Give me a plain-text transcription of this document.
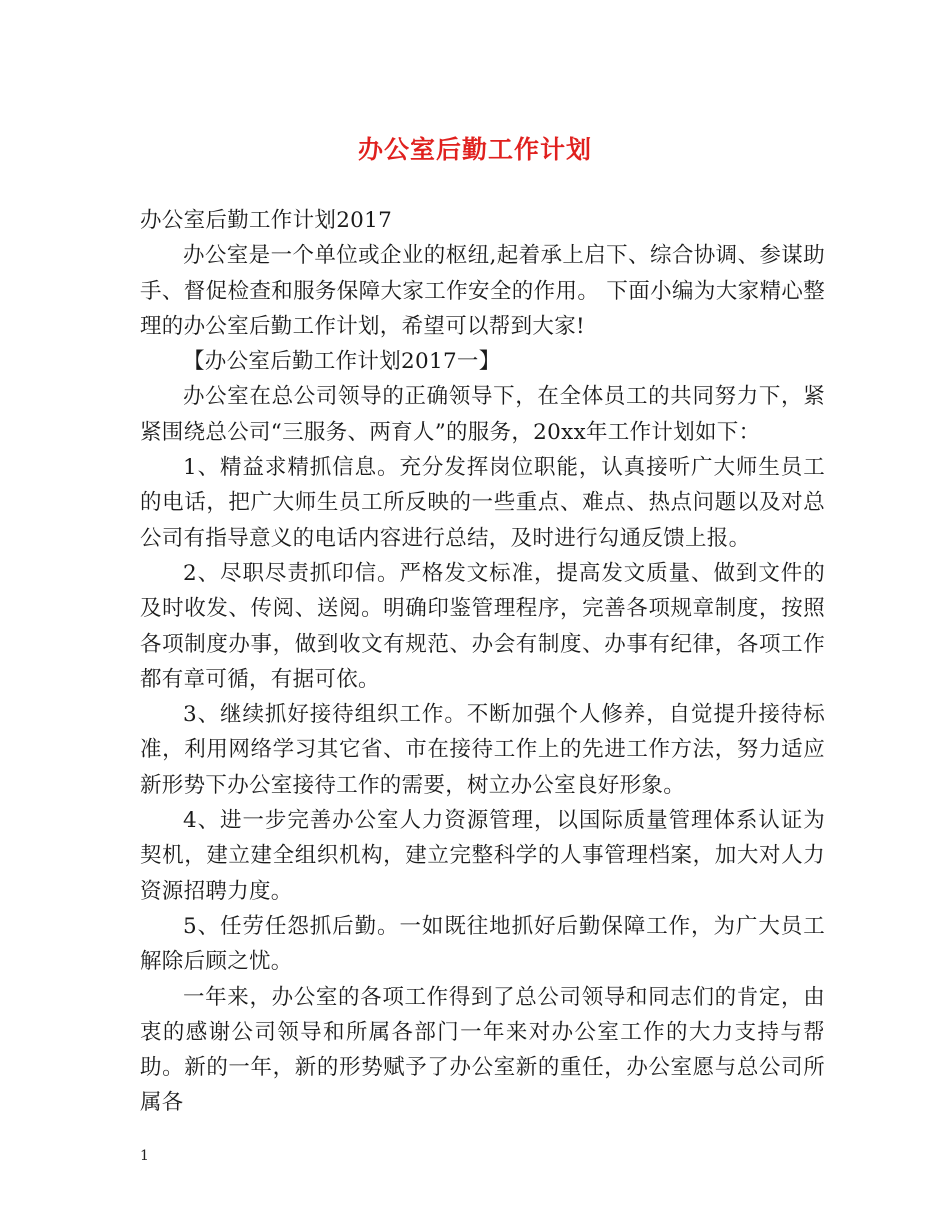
办公室后勤工作计划

办公室后勤工作计划2017

办公室是一个单位或企业的枢纽,起着承上启下、综合协调、参谋助手、督促检查和服务保障大家工作安全的作用。 下面小编为大家精心整理的办公室后勤工作计划，希望可以帮到大家!

【办公室后勤工作计划2017一】

办公室在总公司领导的正确领导下，在全体员工的共同努力下，紧紧围绕总公司“三服务、两育人”的服务，20xx年工作计划如下：

1、精益求精抓信息。充分发挥岗位职能，认真接听广大师生员工的电话，把广大师生员工所反映的一些重点、难点、热点问题以及对总公司有指导意义的电话内容进行总结，及时进行勾通反馈上报。

2、尽职尽责抓印信。严格发文标准，提高发文质量、做到文件的及时收发、传阅、送阅。明确印鉴管理程序，完善各项规章制度，按照各项制度办事，做到收文有规范、办会有制度、办事有纪律，各项工作都有章可循，有据可依。

3、继续抓好接待组织工作。不断加强个人修养，自觉提升接待标准，利用网络学习其它省、市在接待工作上的先进工作方法，努力适应新形势下办公室接待工作的需要，树立办公室良好形象。

4、进一步完善办公室人力资源管理，以国际质量管理体系认证为契机，建立建全组织机构，建立完整科学的人事管理档案，加大对人力资源招聘力度。

5、任劳任怨抓后勤。一如既往地抓好后勤保障工作，为广大员工解除后顾之忧。

一年来，办公室的各项工作得到了总公司领导和同志们的肯定，由衷的感谢公司领导和所属各部门一年来对办公室工作的大力支持与帮助。新的一年，新的形势赋予了办公室新的重任，办公室愿与总公司所属各

1
